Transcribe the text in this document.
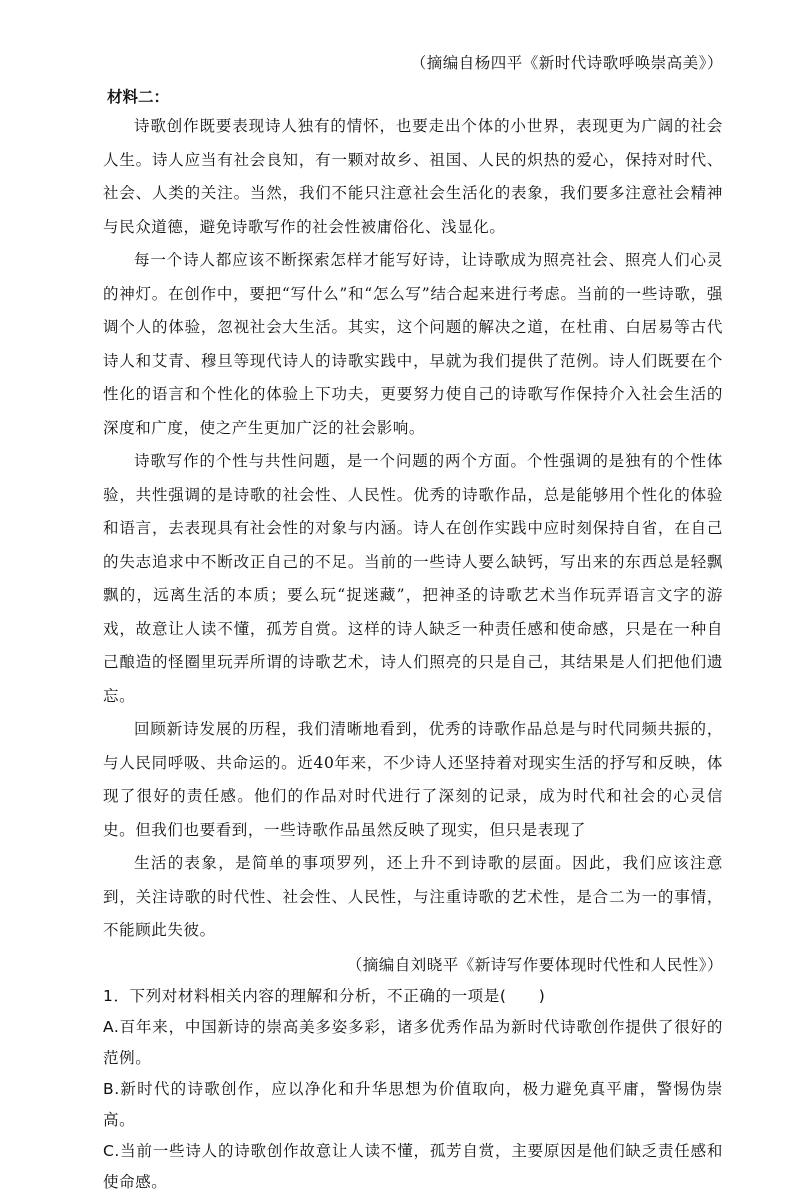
（摘编自杨四平《新时代诗歌呼唤崇高美》）
材料二：

诗歌创作既要表现诗人独有的情怀，也要走出个体的小世界，表现更为广阔的社会人生。诗人应当有社会良知，有一颗对故乡、祖国、人民的炽热的爱心，保持对时代、社会、人类的关注。当然，我们不能只注意社会生活化的表象，我们要多注意社会精神与民众道德，避免诗歌写作的社会性被庸俗化、浅显化。

每一个诗人都应该不断探索怎样才能写好诗，让诗歌成为照亮社会、照亮人们心灵的神灯。在创作中，要把“写什么”和“怎么写”结合起来进行考虑。当前的一些诗歌，强调个人的体验，忽视社会大生活。其实，这个问题的解决之道，在杜甫、白居易等古代诗人和艾青、穆旦等现代诗人的诗歌实践中，早就为我们提供了范例。诗人们既要在个性化的语言和个性化的体验上下功夫，更要努力使自己的诗歌写作保持介入社会生活的深度和广度，使之产生更加广泛的社会影响。

诗歌写作的个性与共性问题，是一个问题的两个方面。个性强调的是独有的个性体验，共性强调的是诗歌的社会性、人民性。优秀的诗歌作品，总是能够用个性化的体验和语言，去表现具有社会性的对象与内涵。诗人在创作实践中应时刻保持自省，在自己的失志追求中不断改正自己的不足。当前的一些诗人要么缺钙，写出来的东西总是轻飘飘的，远离生活的本质；要么玩“捉迷藏”，把神圣的诗歌艺术当作玩弄语言文字的游戏，故意让人读不懂，孤芳自赏。这样的诗人缺乏一种责任感和使命感，只是在一种自己酿造的怪圈里玩弄所谓的诗歌艺术，诗人们照亮的只是自己，其结果是人们把他们遗忘。

回顾新诗发展的历程，我们清晰地看到，优秀的诗歌作品总是与时代同频共振的，与人民同呼吸、共命运的。近40年来，不少诗人还坚持着对现实生活的抒写和反映，体现了很好的责任感。他们的作品对时代进行了深刻的记录，成为时代和社会的心灵信史。但我们也要看到，一些诗歌作品虽然反映了现实，但只是表现了

生活的表象，是简单的事项罗列，还上升不到诗歌的层面。因此，我们应该注意到，关注诗歌的时代性、社会性、人民性，与注重诗歌的艺术性，是合二为一的事情，不能顾此失彼。

（摘编自刘晓平《新诗写作要体现时代性和人民性》）
1．下列对材料相关内容的理解和分析，不正确的一项是(　　)
A.百年来，中国新诗的崇高美多姿多彩，诸多优秀作品为新时代诗歌创作提供了很好的范例。
B.新时代的诗歌创作，应以净化和升华思想为价值取向，极力避免真平庸，警惕伪崇高。
C.当前一些诗人的诗歌创作故意让人读不懂，孤芳自赏，主要原因是他们缺乏责任感和使命感。
